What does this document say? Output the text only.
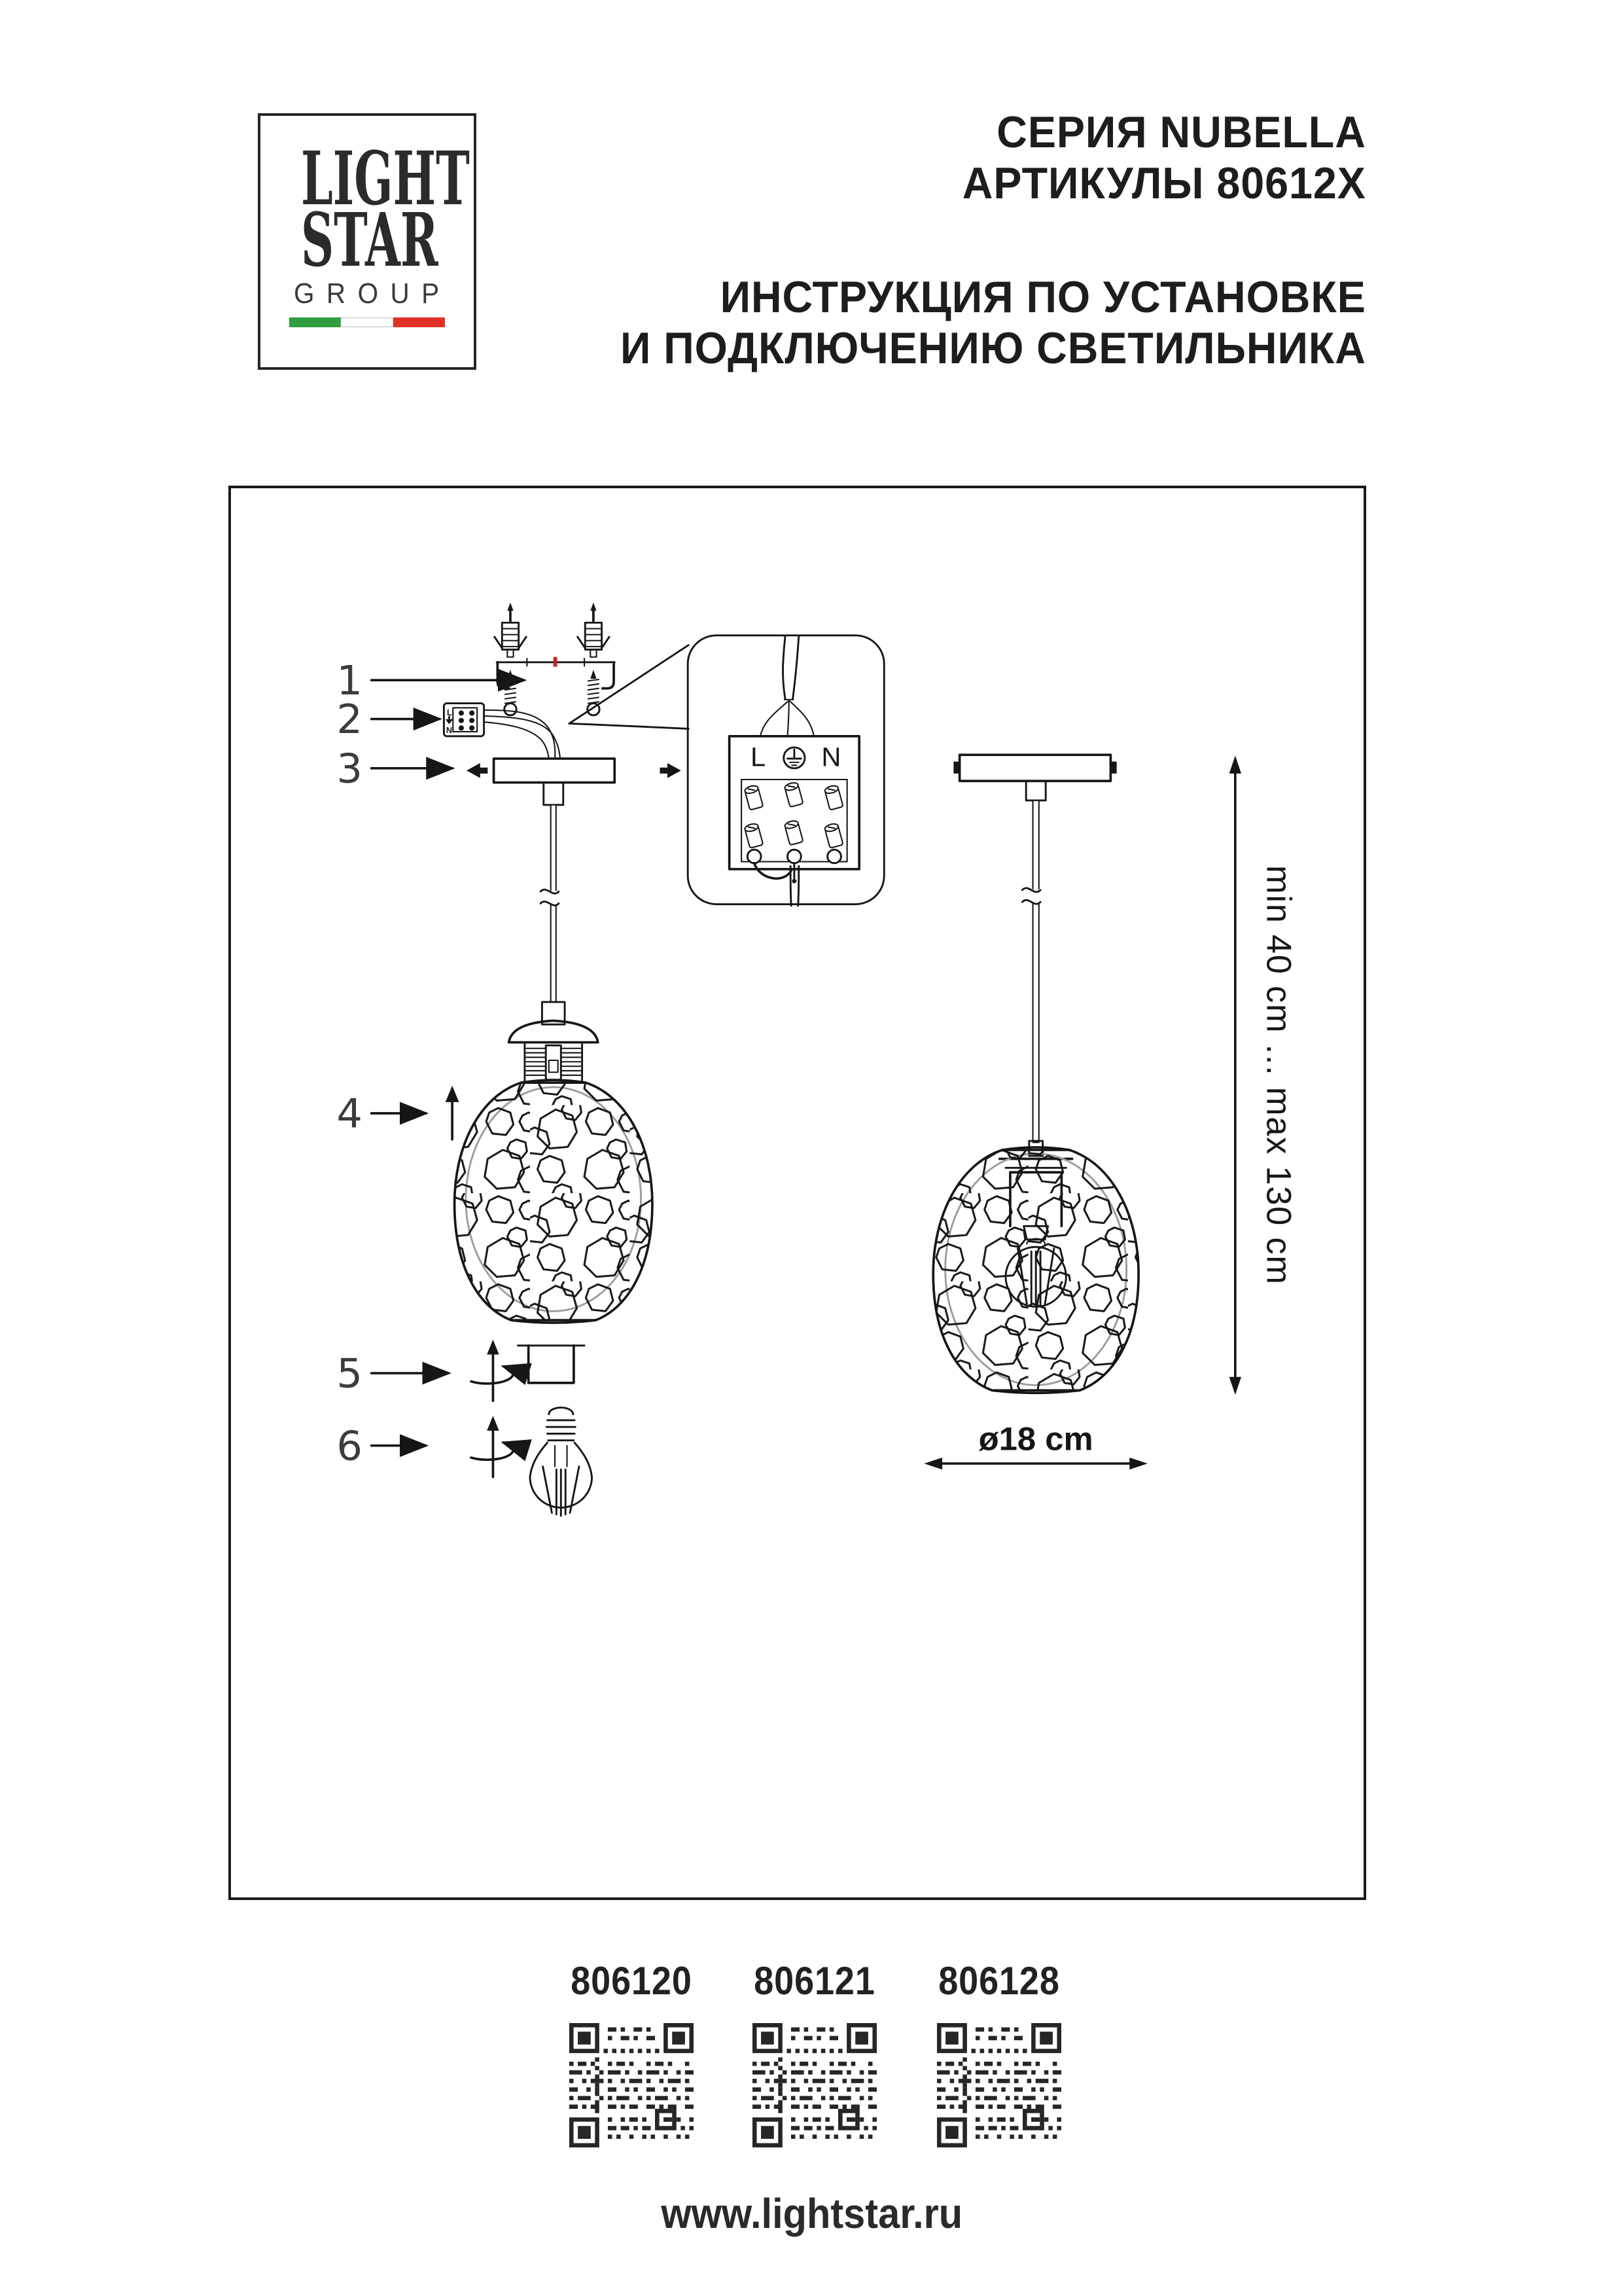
LIGHT
STAR
GROUP
СЕРИЯ NUBELLA
АРТИКУЛЫ 80612X
ИНСТРУКЦИЯ ПО УСТАНОВКЕ
И ПОДКЛЮЧЕНИЮ СВЕТИЛЬНИКА
1
2
3
4
5
6
L
N
L N
min 40 cm ... max 130 cm
ø18 cm
806120 806121 806128
www.lightstar.ru
